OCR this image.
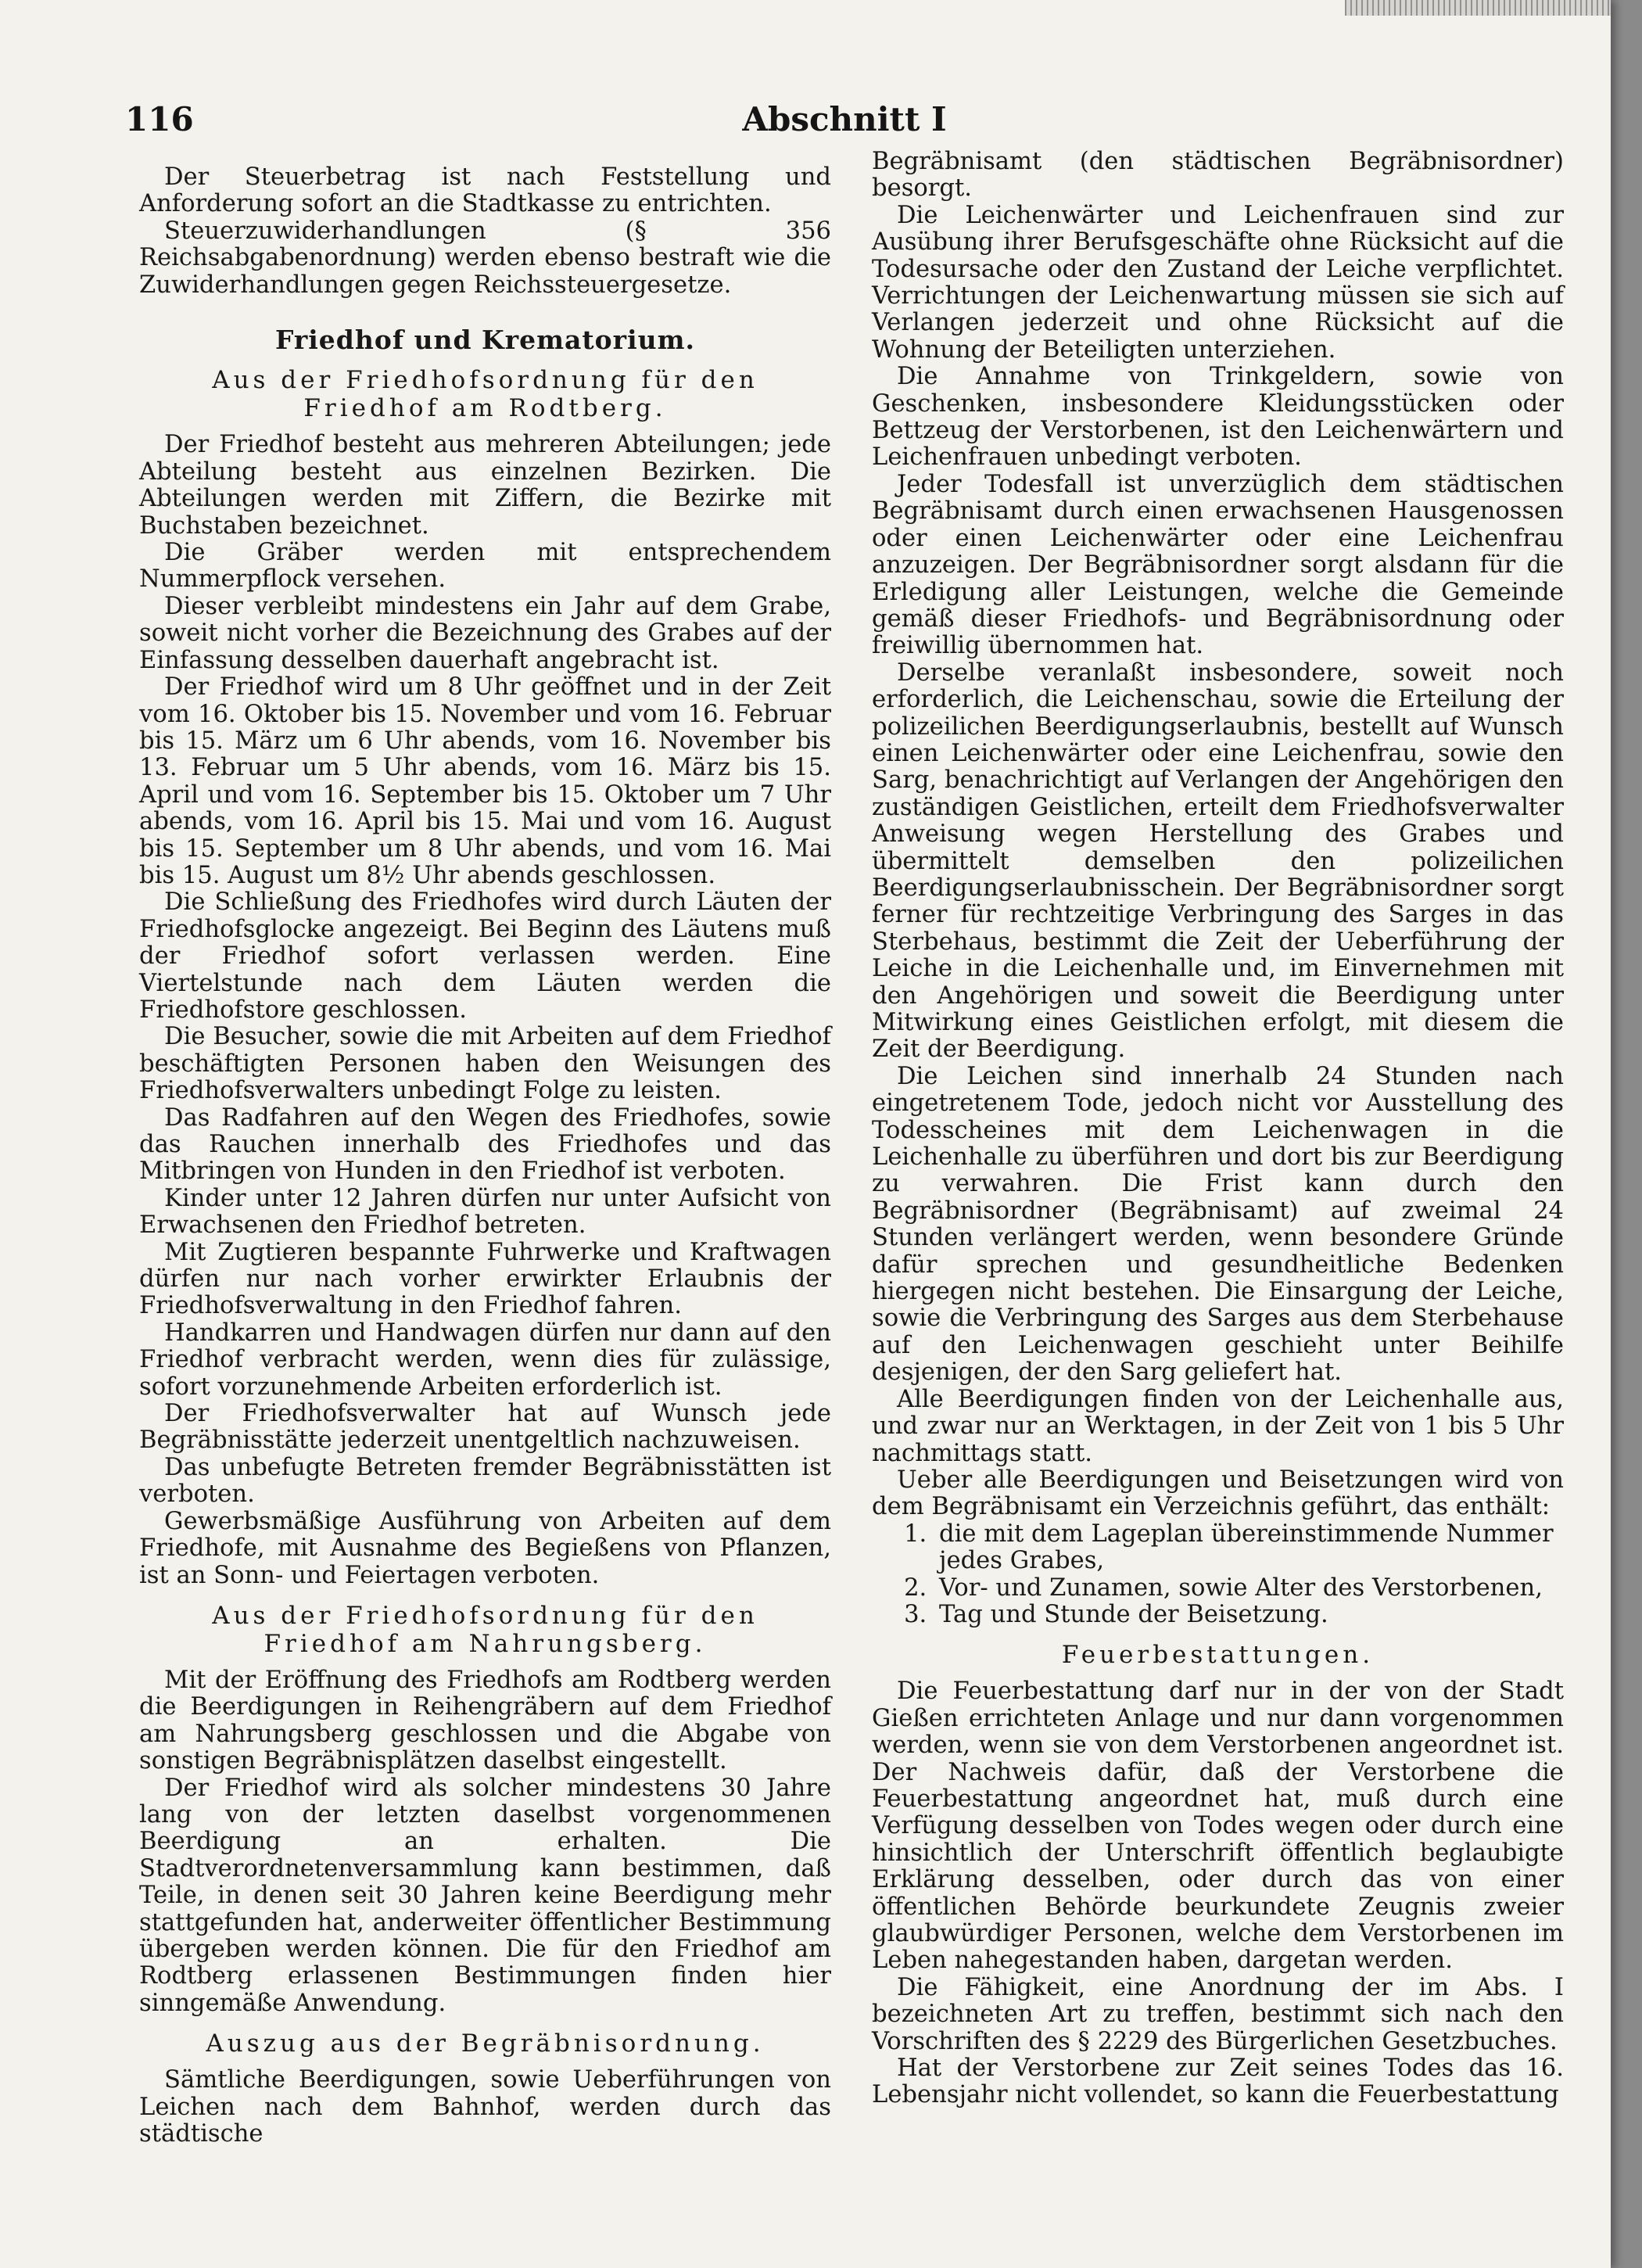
116	Abschnitt I

Der Steuerbetrag ist nach Feststellung und Anforderung sofort an die Stadtkasse zu entrichten.

Steuerzuwiderhandlungen (§ 356 Reichsabgabenordnung) werden ebenso bestraft wie die Zuwiderhandlungen gegen Reichssteuergesetze.

Friedhof und Krematorium.
Aus der Friedhofsordnung für den Friedhof am Rodtberg.

Der Friedhof besteht aus mehreren Abteilungen; jede Abteilung besteht aus einzelnen Bezirken. Die Abteilungen werden mit Ziffern, die Bezirke mit Buchstaben bezeichnet.

Die Gräber werden mit entsprechendem Nummerpflock versehen.

Dieser verbleibt mindestens ein Jahr auf dem Grabe, soweit nicht vorher die Bezeichnung des Grabes auf der Einfassung desselben dauerhaft angebracht ist.

Der Friedhof wird um 8 Uhr geöffnet und in der Zeit vom 16. Oktober bis 15. November und vom 16. Februar bis 15. März um 6 Uhr abends, vom 16. November bis 13. Februar um 5 Uhr abends, vom 16. März bis 15. April und vom 16. September bis 15. Oktober um 7 Uhr abends, vom 16. April bis 15. Mai und vom 16. August bis 15. September um 8 Uhr abends, und vom 16. Mai bis 15. August um 8½ Uhr abends geschlossen.

Die Schließung des Friedhofes wird durch Läuten der Friedhofsglocke angezeigt. Bei Beginn des Läutens muß der Friedhof sofort verlassen werden. Eine Viertelstunde nach dem Läuten werden die Friedhofstore geschlossen.

Die Besucher, sowie die mit Arbeiten auf dem Friedhof beschäftigten Personen haben den Weisungen des Friedhofsverwalters unbedingt Folge zu leisten.

Das Radfahren auf den Wegen des Friedhofes, sowie das Rauchen innerhalb des Friedhofes und das Mitbringen von Hunden in den Friedhof ist verboten.

Kinder unter 12 Jahren dürfen nur unter Aufsicht von Erwachsenen den Friedhof betreten.

Mit Zugtieren bespannte Fuhrwerke und Kraftwagen dürfen nur nach vorher erwirkter Erlaubnis der Friedhofsverwaltung in den Friedhof fahren.

Handkarren und Handwagen dürfen nur dann auf den Friedhof verbracht werden, wenn dies für zulässige, sofort vorzunehmende Arbeiten erforderlich ist.

Der Friedhofsverwalter hat auf Wunsch jede Begräbnisstätte jederzeit unentgeltlich nachzuweisen.

Das unbefugte Betreten fremder Begräbnisstätten ist verboten.

Gewerbsmäßige Ausführung von Arbeiten auf dem Friedhofe, mit Ausnahme des Begießens von Pflanzen, ist an Sonn- und Feiertagen verboten.

Aus der Friedhofsordnung für den Friedhof am Nahrungsberg.

Mit der Eröffnung des Friedhofs am Rodtberg werden die Beerdigungen in Reihengräbern auf dem Friedhof am Nahrungsberg geschlossen und die Abgabe von sonstigen Begräbnisplätzen daselbst eingestellt.

Der Friedhof wird als solcher mindestens 30 Jahre lang von der letzten daselbst vorgenommenen Beerdigung an erhalten. Die Stadtverordnetenversammlung kann bestimmen, daß Teile, in denen seit 30 Jahren keine Beerdigung mehr stattgefunden hat, anderweiter öffentlicher Bestimmung übergeben werden können. Die für den Friedhof am Rodtberg erlassenen Bestimmungen finden hier sinngemäße Anwendung.

Auszug aus der Begräbnisordnung.

Sämtliche Beerdigungen, sowie Ueberführungen von Leichen nach dem Bahnhof, werden durch das städtische

Begräbnisamt (den städtischen Begräbnisordner) besorgt.

Die Leichenwärter und Leichenfrauen sind zur Ausübung ihrer Berufsgeschäfte ohne Rücksicht auf die Todesursache oder den Zustand der Leiche verpflichtet. Verrichtungen der Leichenwartung müssen sie sich auf Verlangen jederzeit und ohne Rücksicht auf die Wohnung der Beteiligten unterziehen.

Die Annahme von Trinkgeldern, sowie von Geschenken, insbesondere Kleidungsstücken oder Bettzeug der Verstorbenen, ist den Leichenwärtern und Leichenfrauen unbedingt verboten.

Jeder Todesfall ist unverzüglich dem städtischen Begräbnisamt durch einen erwachsenen Hausgenossen oder einen Leichenwärter oder eine Leichenfrau anzuzeigen. Der Begräbnisordner sorgt alsdann für die Erledigung aller Leistungen, welche die Gemeinde gemäß dieser Friedhofs- und Begräbnisordnung oder freiwillig übernommen hat.

Derselbe veranlaßt insbesondere, soweit noch erforderlich, die Leichenschau, sowie die Erteilung der polizeilichen Beerdigungserlaubnis, bestellt auf Wunsch einen Leichenwärter oder eine Leichenfrau, sowie den Sarg, benachrichtigt auf Verlangen der Angehörigen den zuständigen Geistlichen, erteilt dem Friedhofsverwalter Anweisung wegen Herstellung des Grabes und übermittelt demselben den polizeilichen Beerdigungserlaubnisschein. Der Begräbnisordner sorgt ferner für rechtzeitige Verbringung des Sarges in das Sterbehaus, bestimmt die Zeit der Ueberführung der Leiche in die Leichenhalle und, im Einvernehmen mit den Angehörigen und soweit die Beerdigung unter Mitwirkung eines Geistlichen erfolgt, mit diesem die Zeit der Beerdigung.

Die Leichen sind innerhalb 24 Stunden nach eingetretenem Tode, jedoch nicht vor Ausstellung des Todesscheines mit dem Leichenwagen in die Leichenhalle zu überführen und dort bis zur Beerdigung zu verwahren. Die Frist kann durch den Begräbnisordner (Begräbnisamt) auf zweimal 24 Stunden verlängert werden, wenn besondere Gründe dafür sprechen und gesundheitliche Bedenken hiergegen nicht bestehen. Die Einsargung der Leiche, sowie die Verbringung des Sarges aus dem Sterbehause auf den Leichenwagen geschieht unter Beihilfe desjenigen, der den Sarg geliefert hat.

Alle Beerdigungen finden von der Leichenhalle aus, und zwar nur an Werktagen, in der Zeit von 1 bis 5 Uhr nachmittags statt.

Ueber alle Beerdigungen und Beisetzungen wird von dem Begräbnisamt ein Verzeichnis geführt, das enthält:

1. die mit dem Lageplan übereinstimmende Nummer jedes Grabes,
2. Vor- und Zunamen, sowie Alter des Verstorbenen,
3. Tag und Stunde der Beisetzung.
Feuerbestattungen.

Die Feuerbestattung darf nur in der von der Stadt Gießen errichteten Anlage und nur dann vorgenommen werden, wenn sie von dem Verstorbenen angeordnet ist. Der Nachweis dafür, daß der Verstorbene die Feuerbestattung angeordnet hat, muß durch eine Verfügung desselben von Todes wegen oder durch eine hinsichtlich der Unterschrift öffentlich beglaubigte Erklärung desselben, oder durch das von einer öffentlichen Behörde beurkundete Zeugnis zweier glaubwürdiger Personen, welche dem Verstorbenen im Leben nahegestanden haben, dargetan werden.

Die Fähigkeit, eine Anordnung der im Abs. I bezeichneten Art zu treffen, bestimmt sich nach den Vorschriften des § 2229 des Bürgerlichen Gesetzbuches.

Hat der Verstorbene zur Zeit seines Todes das 16. Lebensjahr nicht vollendet, so kann die Feuerbestattung
